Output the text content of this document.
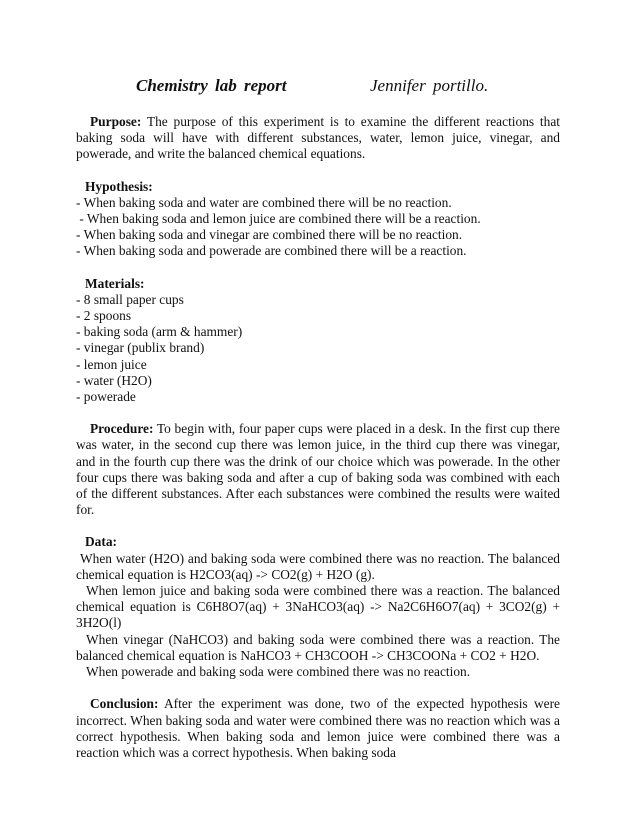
Chemistry lab report	Jennifer portillo.

Purpose: The purpose of this experiment is to examine the different reactions that baking soda will have with different substances, water, lemon juice, vinegar, and powerade, and write the balanced chemical equations.

Hypothesis:

- When baking soda and water are combined there will be no reaction.

- When baking soda and lemon juice are combined there will be a reaction.

- When baking soda and vinegar are combined there will be no reaction.

- When baking soda and powerade are combined there will be a reaction.

Materials:

- 8 small paper cups

- 2 spoons

- baking soda (arm & hammer)

- vinegar (publix brand)

- lemon juice

- water (H2O)

- powerade

Procedure: To begin with, four paper cups were placed in a desk. In the first cup there was water, in the second cup there was lemon juice, in the third cup there was vinegar, and in the fourth cup there was the drink of our choice which was powerade. In the other four cups there was baking soda and after a cup of baking soda was combined with each of the different substances. After each substances were combined the results were waited for.

Data:

When water (H2O) and baking soda were combined there was no reaction. The balanced chemical equation is H2CO3(aq) -> CO2(g) + H2O (g).

When lemon juice and baking soda were combined there was a reaction. The balanced chemical equation is C6H8O7(aq) + 3NaHCO3(aq) -> Na2C6H6O7(aq) + 3CO2(g) + 3H2O(l)

When vinegar (NaHCO3) and baking soda were combined there was a reaction. The balanced chemical equation is NaHCO3 + CH3COOH -> CH3COONa + CO2 + H2O.

When powerade and baking soda were combined there was no reaction.

Conclusion: After the experiment was done, two of the expected hypothesis were incorrect. When baking soda and water were combined there was no reaction which was a correct hypothesis. When baking soda and lemon juice were combined there was a reaction which was a correct hypothesis. When baking soda
